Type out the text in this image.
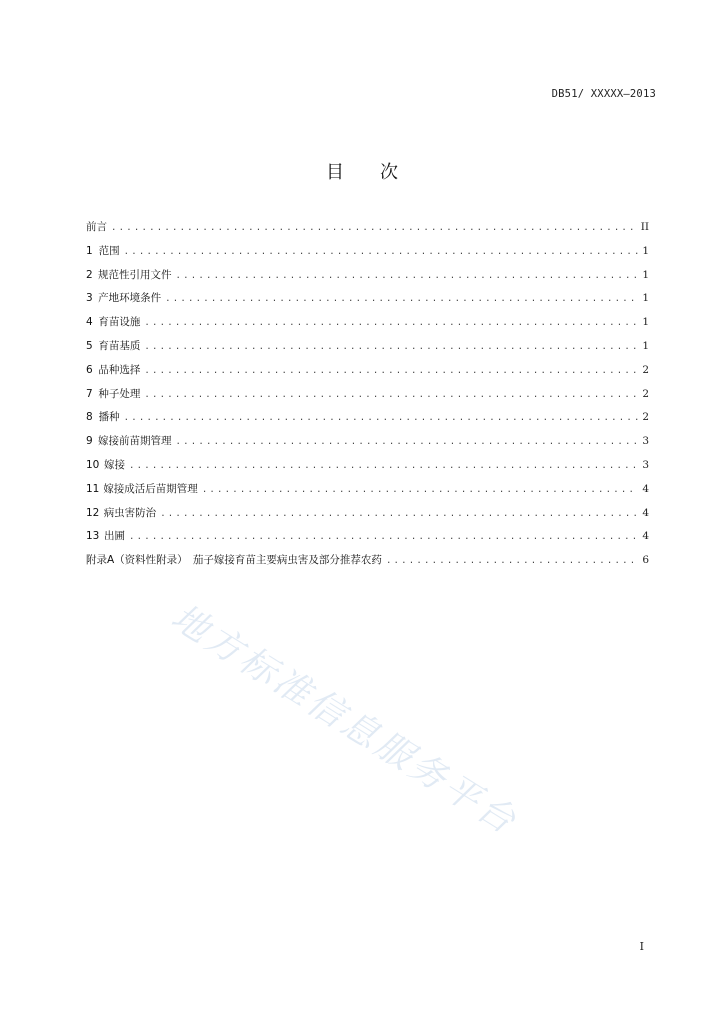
DB51/ XXXXX—2013
目 次
前言 .....	II
1 范围 .....	1
2 规范性引用文件 .....	1
3 产地环境条件 .....	1
4 育苗设施 .....	1
5 育苗基质 .....	1
6 品种选择 .....	2
7 种子处理 .....	2
8 播种 .....	2
9 嫁接前苗期管理 .....	3
10 嫁接 .....	3
11 嫁接成活后苗期管理 .....	4
12 病虫害防治 .....	4
13 出圃 .....	4
附录A （资料性附录）　茄子嫁接育苗主要病虫害及部分推荐农药 .....	6
地方标准信息服务平台
I
